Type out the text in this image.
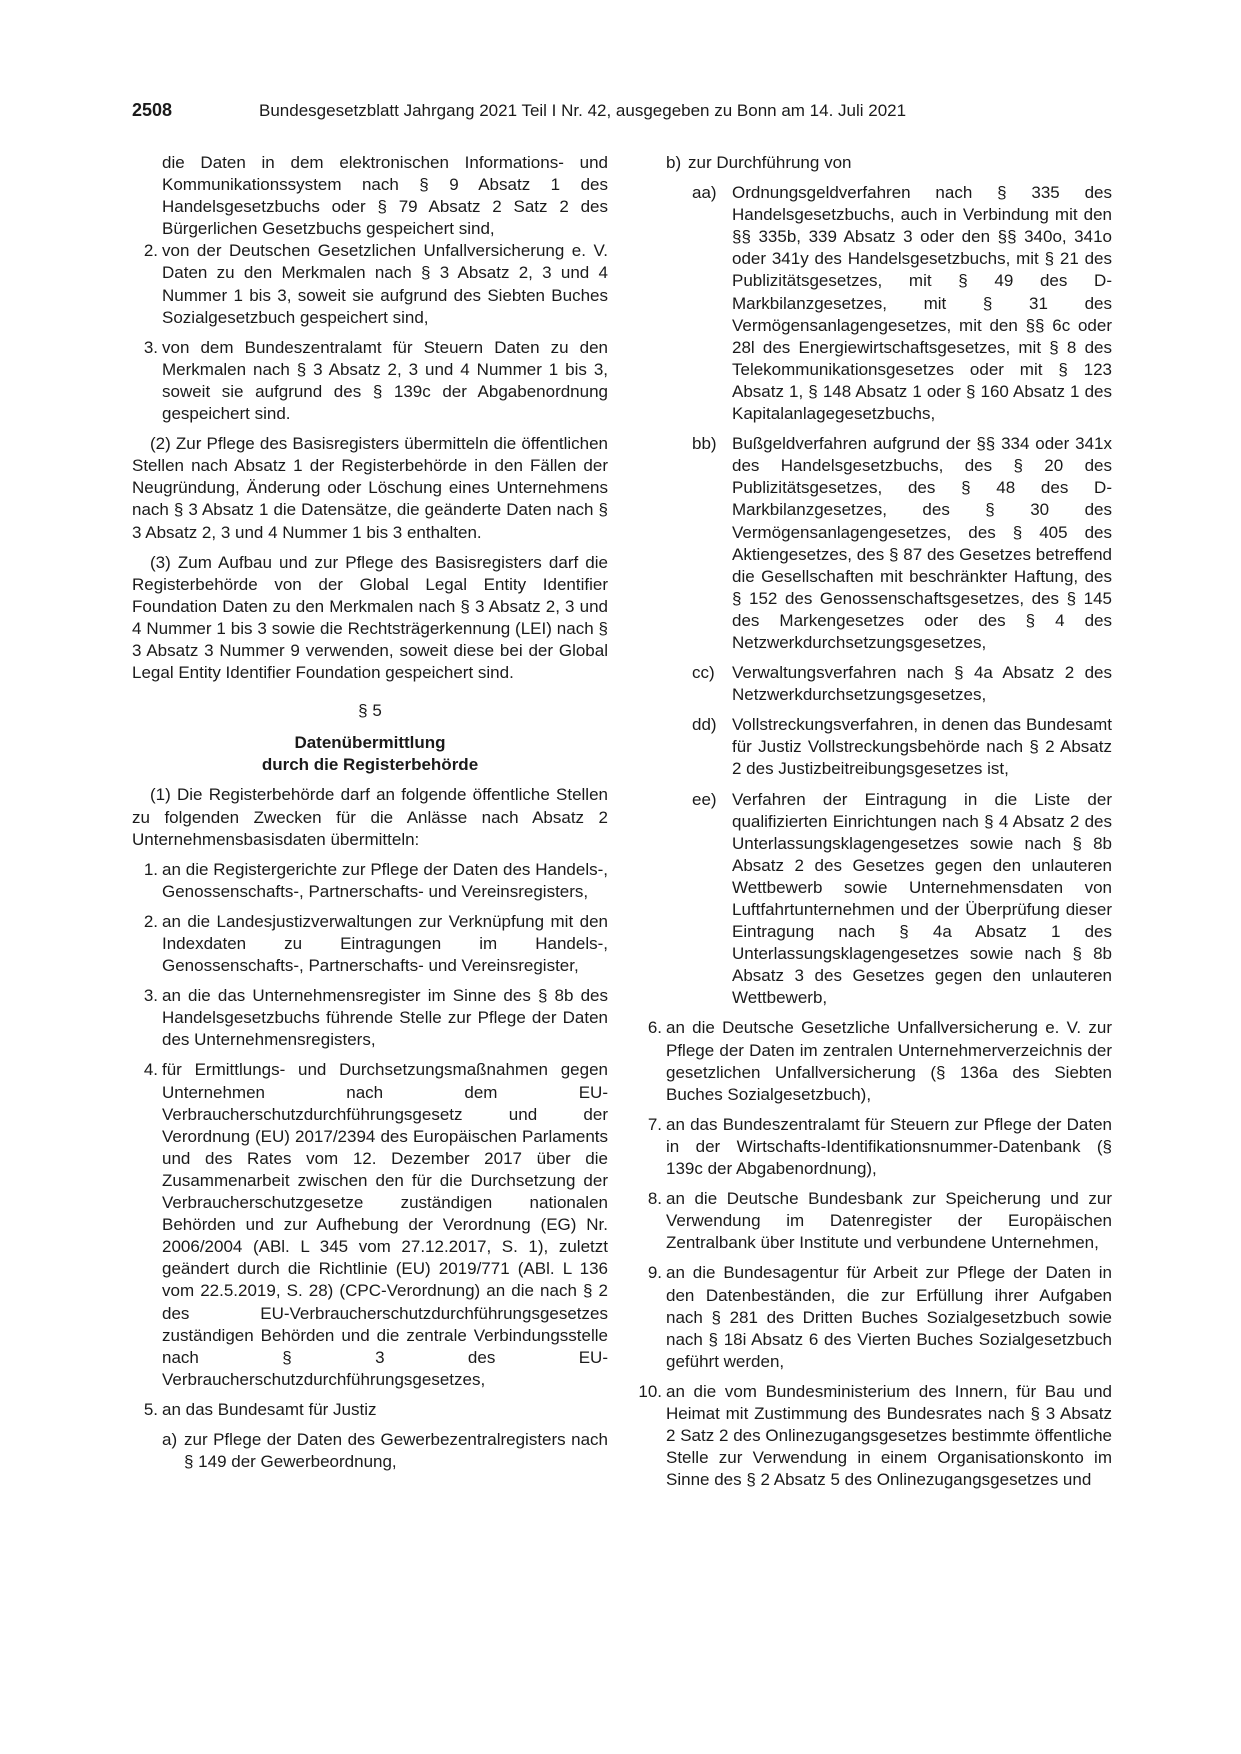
2508	Bundesgesetzblatt Jahrgang 2021 Teil I Nr. 42, ausgegeben zu Bonn am 14. Juli 2021

die Daten in dem elektronischen Informations- und Kommunikationssystem nach § 9 Absatz 1 des Handelsgesetzbuchs oder § 79 Absatz 2 Satz 2 des Bürgerlichen Gesetzbuchs gespeichert sind,

2. von der Deutschen Gesetzlichen Unfallversicherung e. V. Daten zu den Merkmalen nach § 3 Absatz 2, 3 und 4 Nummer 1 bis 3, soweit sie aufgrund des Siebten Buches Sozialgesetzbuch gespeichert sind,
3. von dem Bundeszentralamt für Steuern Daten zu den Merkmalen nach § 3 Absatz 2, 3 und 4 Nummer 1 bis 3, soweit sie aufgrund des § 139c der Abgabenordnung gespeichert sind.

(2) Zur Pflege des Basisregisters übermitteln die öffentlichen Stellen nach Absatz 1 der Registerbehörde in den Fällen der Neugründung, Änderung oder Löschung eines Unternehmens nach § 3 Absatz 1 die Datensätze, die geänderte Daten nach § 3 Absatz 2, 3 und 4 Nummer 1 bis 3 enthalten.

(3) Zum Aufbau und zur Pflege des Basisregisters darf die Registerbehörde von der Global Legal Entity Identifier Foundation Daten zu den Merkmalen nach § 3 Absatz 2, 3 und 4 Nummer 1 bis 3 sowie die Rechtsträgerkennung (LEI) nach § 3 Absatz 3 Nummer 9 verwenden, soweit diese bei der Global Legal Entity Identifier Foundation gespeichert sind.

§ 5
Datenübermittlung
durch die Registerbehörde

(1) Die Registerbehörde darf an folgende öffentliche Stellen zu folgenden Zwecken für die Anlässe nach Absatz 2 Unternehmensbasisdaten übermitteln:

1. an die Registergerichte zur Pflege der Daten des Handels-, Genossenschafts-, Partnerschafts- und Vereinsregisters,
2. an die Landesjustizverwaltungen zur Verknüpfung mit den Indexdaten zu Eintragungen im Handels-, Genossenschafts-, Partnerschafts- und Vereinsregister,
3. an die das Unternehmensregister im Sinne des § 8b des Handelsgesetzbuchs führende Stelle zur Pflege der Daten des Unternehmensregisters,
4. für Ermittlungs- und Durchsetzungsmaßnahmen gegen Unternehmen nach dem EU-Verbraucherschutzdurchführungsgesetz und der Verordnung (EU) 2017/2394 des Europäischen Parlaments und des Rates vom 12. Dezember 2017 über die Zusammenarbeit zwischen den für die Durchsetzung der Verbraucherschutzgesetze zuständigen nationalen Behörden und zur Aufhebung der Verordnung (EG) Nr. 2006/2004 (ABl. L 345 vom 27.12.2017, S. 1), zuletzt geändert durch die Richtlinie (EU) 2019/771 (ABl. L 136 vom 22.5.2019, S. 28) (CPC-Verordnung) an die nach § 2 des EU-Verbraucherschutzdurchführungsgesetzes zuständigen Behörden und die zentrale Verbindungsstelle nach § 3 des EU-Verbraucherschutzdurchführungsgesetzes,
5. an das Bundesamt für Justiz
a) zur Pflege der Daten des Gewerbezentralregisters nach § 149 der Gewerbeordnung,
b) zur Durchführung von
aa) Ordnungsgeldverfahren nach § 335 des Handelsgesetzbuchs, auch in Verbindung mit den §§ 335b, 339 Absatz 3 oder den §§ 340o, 341o oder 341y des Handelsgesetzbuchs, mit § 21 des Publizitätsgesetzes, mit § 49 des D-Markbilanzgesetzes, mit § 31 des Vermögensanlagengesetzes, mit den §§ 6c oder 28l des Energiewirtschaftsgesetzes, mit § 8 des Telekommunikationsgesetzes oder mit § 123 Absatz 1, § 148 Absatz 1 oder § 160 Absatz 1 des Kapitalanlagegesetzbuchs,
bb) Bußgeldverfahren aufgrund der §§ 334 oder 341x des Handelsgesetzbuchs, des § 20 des Publizitätsgesetzes, des § 48 des D-Markbilanzgesetzes, des § 30 des Vermögensanlagengesetzes, des § 405 des Aktiengesetzes, des § 87 des Gesetzes betreffend die Gesellschaften mit beschränkter Haftung, des § 152 des Genossenschaftsgesetzes, des § 145 des Markengesetzes oder des § 4 des Netzwerkdurchsetzungsgesetzes,
cc) Verwaltungsverfahren nach § 4a Absatz 2 des Netzwerkdurchsetzungsgesetzes,
dd) Vollstreckungsverfahren, in denen das Bundesamt für Justiz Vollstreckungsbehörde nach § 2 Absatz 2 des Justizbeitreibungsgesetzes ist,
ee) Verfahren der Eintragung in die Liste der qualifizierten Einrichtungen nach § 4 Absatz 2 des Unterlassungsklagengesetzes sowie nach § 8b Absatz 2 des Gesetzes gegen den unlauteren Wettbewerb sowie Unternehmensdaten von Luftfahrtunternehmen und der Überprüfung dieser Eintragung nach § 4a Absatz 1 des Unterlassungsklagengesetzes sowie nach § 8b Absatz 3 des Gesetzes gegen den unlauteren Wettbewerb,
6. an die Deutsche Gesetzliche Unfallversicherung e. V. zur Pflege der Daten im zentralen Unternehmerverzeichnis der gesetzlichen Unfallversicherung (§ 136a des Siebten Buches Sozialgesetzbuch),
7. an das Bundeszentralamt für Steuern zur Pflege der Daten in der Wirtschafts-Identifikationsnummer-Datenbank (§ 139c der Abgabenordnung),
8. an die Deutsche Bundesbank zur Speicherung und zur Verwendung im Datenregister der Europäischen Zentralbank über Institute und verbundene Unternehmen,
9. an die Bundesagentur für Arbeit zur Pflege der Daten in den Datenbeständen, die zur Erfüllung ihrer Aufgaben nach § 281 des Dritten Buches Sozialgesetzbuch sowie nach § 18i Absatz 6 des Vierten Buches Sozialgesetzbuch geführt werden,
10. an die vom Bundesministerium des Innern, für Bau und Heimat mit Zustimmung des Bundesrates nach § 3 Absatz 2 Satz 2 des Onlinezugangsgesetzes bestimmte öffentliche Stelle zur Verwendung in einem Organisationskonto im Sinne des § 2 Absatz 5 des Onlinezugangsgesetzes und
